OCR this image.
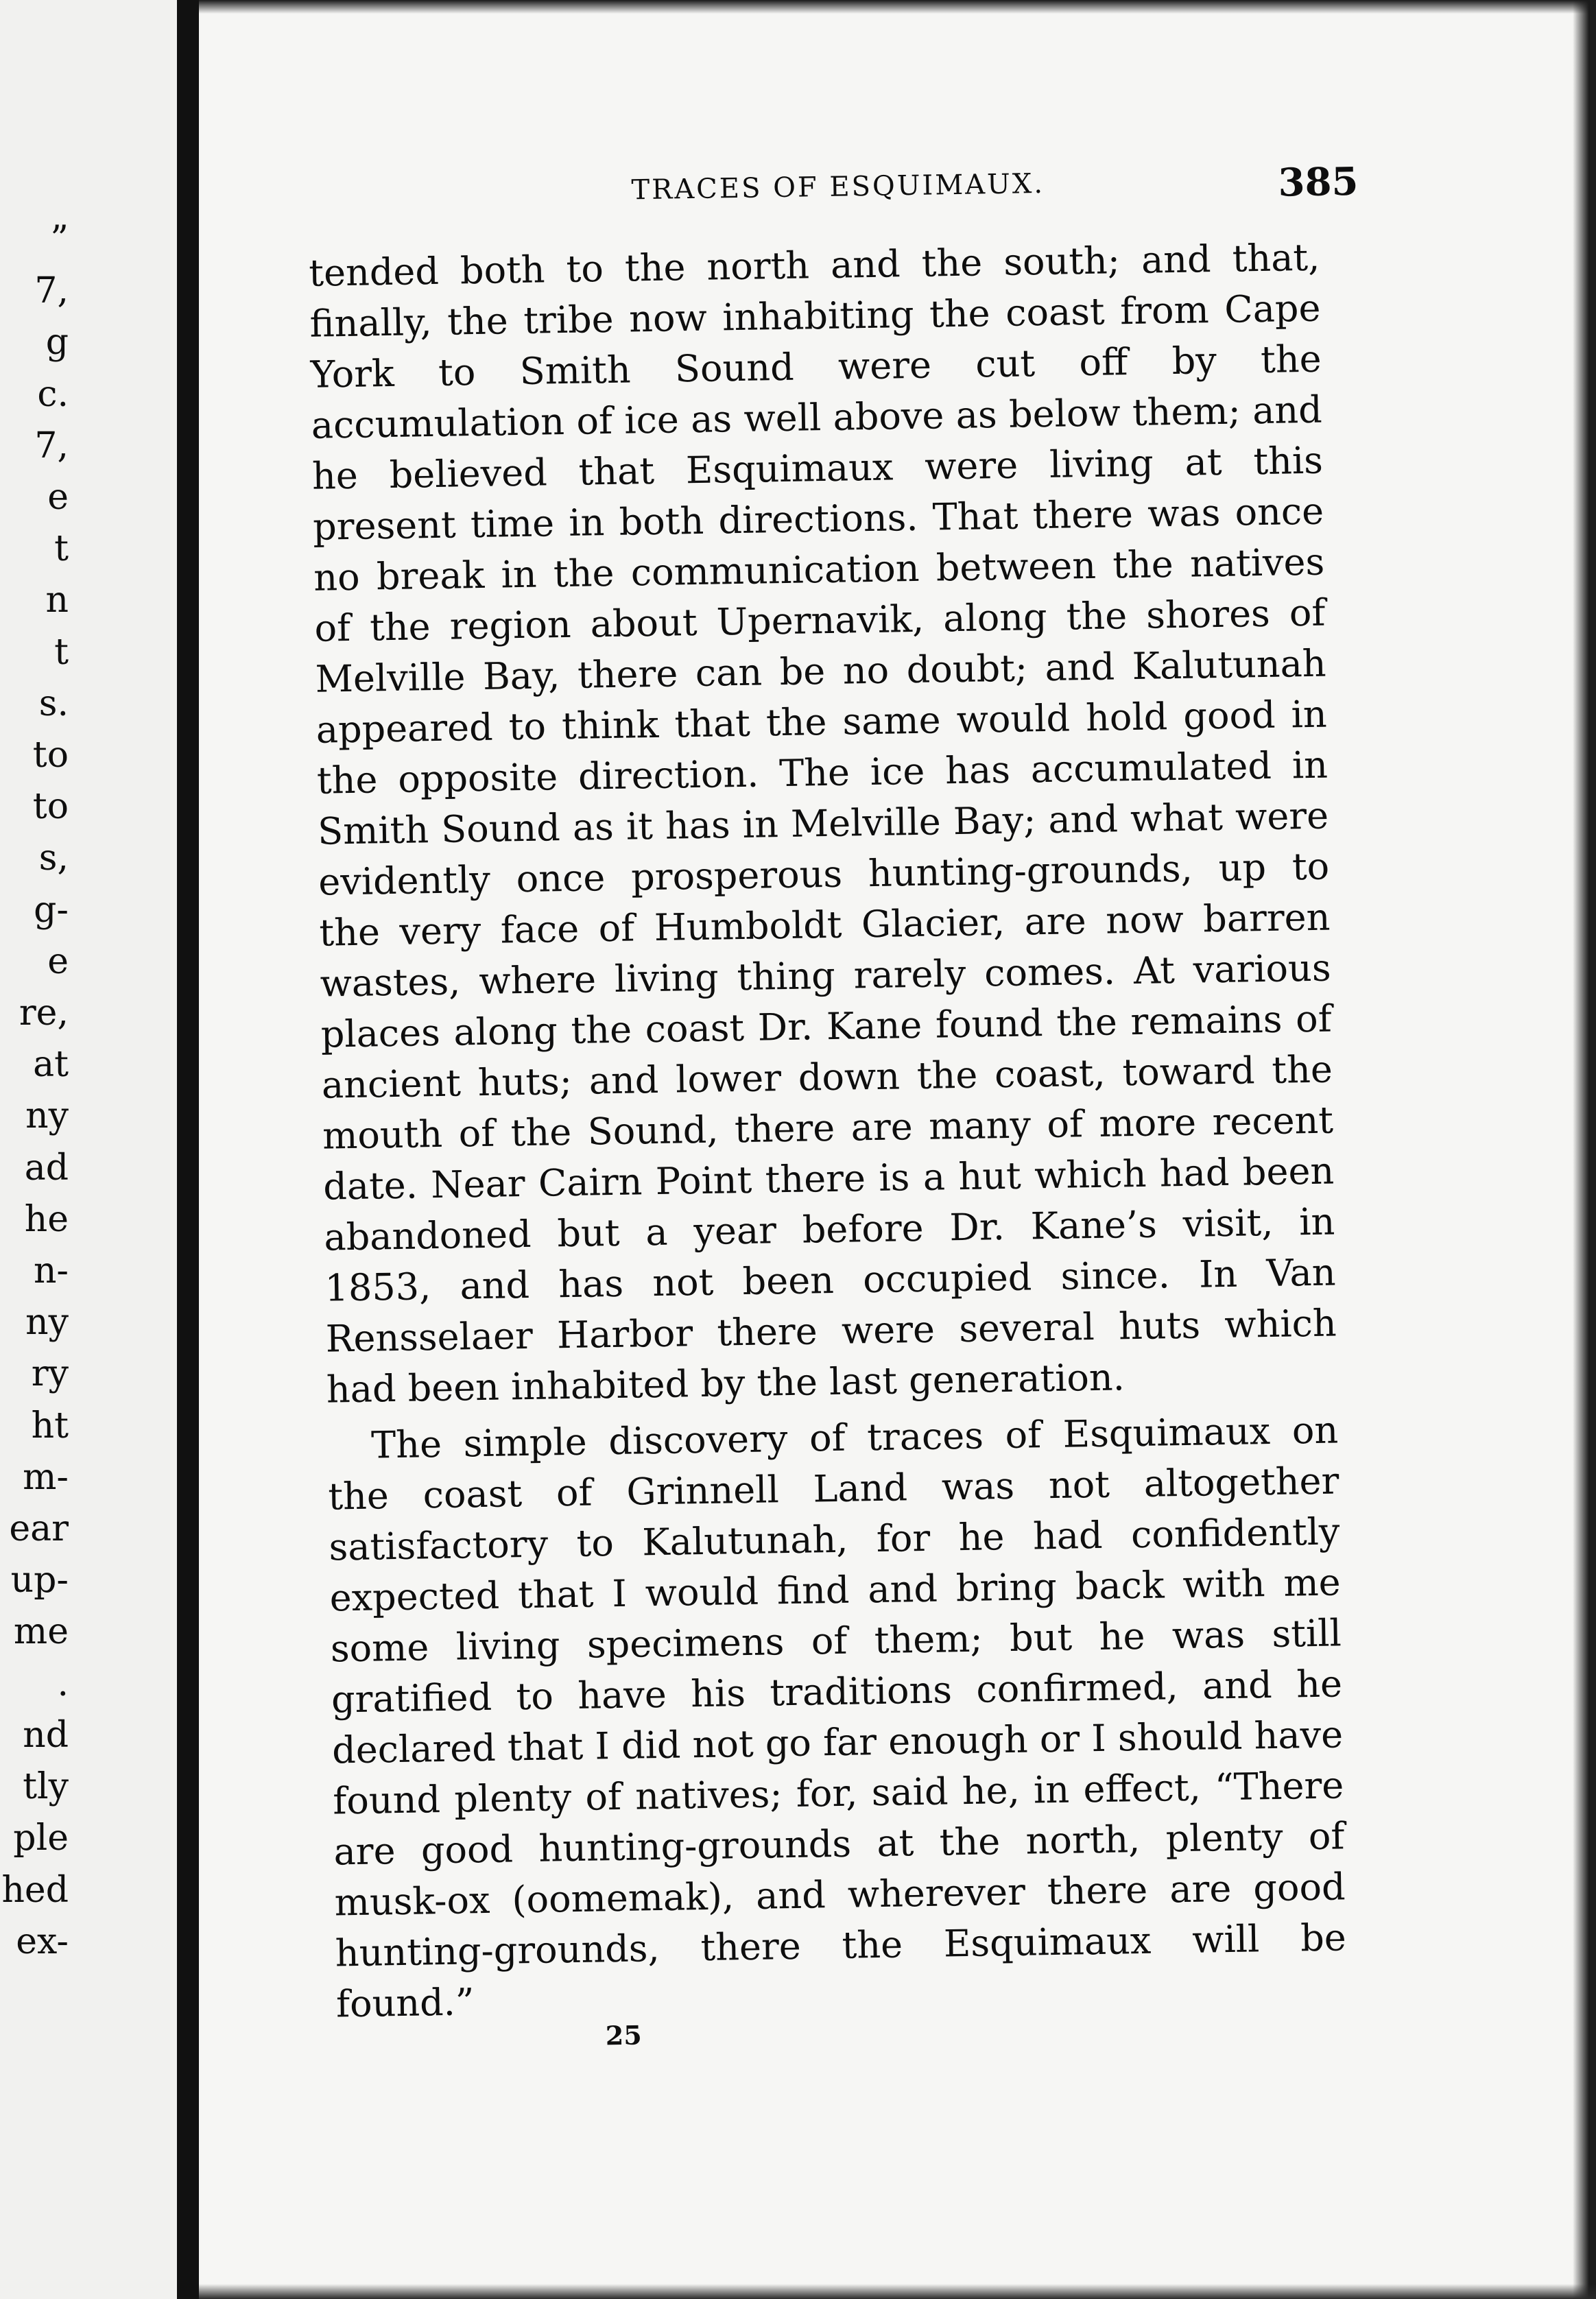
”
7,
g
c.
7,
e
t
n
t
s.
to
to
s,
g-
e
re,
at
ny
ad
he
n-
ny
ry
ht
m-
ear
up-
me
.
nd
tly
ple
hed
ex-
TRACES OF ESQUIMAUX.	385

tended both to the north and the south; and that, finally, the tribe now inhabiting the coast from Cape York to Smith Sound were cut off by the accumulation of ice as well above as below them; and he believed that Esquimaux were living at this present time in both directions. That there was once no break in the communication between the natives of the region about Upernavik, along the shores of Melville Bay, there can be no doubt; and Kalutunah appeared to think that the same would hold good in the opposite direction. The ice has accumulated in Smith Sound as it has in Melville Bay; and what were evidently once prosperous hunting-grounds, up to the very face of Humboldt Glacier, are now barren wastes, where living thing rarely comes. At various places along the coast Dr. Kane found the remains of ancient huts; and lower down the coast, toward the mouth of the Sound, there are many of more recent date. Near Cairn Point there is a hut which had been abandoned but a year before Dr. Kane’s visit, in 1853, and has not been occupied since. In Van Rensselaer Harbor there were several huts which had been inhabited by the last generation.

The simple discovery of traces of Esquimaux on the coast of Grinnell Land was not altogether satisfactory to Kalutunah, for he had confidently expected that I would find and bring back with me some living specimens of them; but he was still gratified to have his traditions confirmed, and he declared that I did not go far enough or I should have found plenty of natives; for, said he, in effect, “There are good hunting-grounds at the north, plenty of musk-ox (oomemak), and wherever there are good hunting-grounds, there the Esquimaux will be found.”

25
